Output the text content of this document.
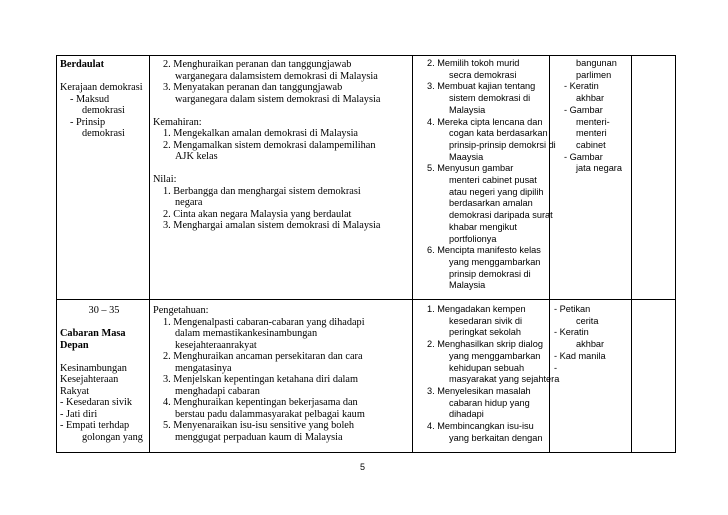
Berdaulat
Kerajaan demokrasi
- Maksud
demokrasi
- Prinsip
demokrasi
2. Menghuraikan peranan dan tanggungjawab
warganegara dalamsistem demokrasi di Malaysia
3. Menyatakan peranan dan tanggungjawab
warganegara dalam sistem demokrasi di Malaysia
Kemahiran:
1. Mengekalkan amalan demokrasi di Malaysia
2. Mengamalkan sistem demokrasi dalampemilihan
AJK kelas
Nilai:
1. Berbangga dan menghargai sistem demokrasi
negara
2. Cinta akan negara Malaysia yang berdaulat
3. Menghargai amalan sistem demokrasi di Malaysia
2. Memilih tokoh murid
secra demokrasi
3. Membuat kajian tentang
sistem demokrasi di
Malaysia
4. Mereka cipta lencana dan
cogan kata berdasarkan
prinsip-prinsip demokrsi di
Maaysia
5. Menyusun gambar
menteri cabinet pusat
atau negeri yang dipilih
berdasarkan amalan
demokrasi daripada surat
khabar mengikut
portfolionya
6. Mencipta manifesto kelas
yang menggambarkan
prinsip demokrasi di
Malaysia
bangunan
parlimen
- Keratin
akhbar
- Gambar
menteri-
menteri
cabinet
- Gambar
jata negara
30 – 35
Cabaran Masa
Depan
Kesinambungan
Kesejahteraan
Rakyat
- Kesedaran sivik
- Jati diri
- Empati terhdap
golongan yang
Pengetahuan:
1. Mengenalpasti cabaran-cabaran yang dihadapi
dalam memastikankesinambungan
kesejahteraanrakyat
2. Menghuraikan ancaman persekitaran dan cara
mengatasinya
3. Menjelskan kepentingan ketahana diri dalam
menghadapi cabaran
4. Menghuraikan kepentingan bekerjasama dan
berstau padu dalammasyarakat pelbagai kaum
5. Menyenaraikan isu-isu sensitive yang boleh
menggugat perpaduan kaum di Malaysia
1. Mengadakan kempen
kesedaran sivik di
peringkat sekolah
2. Menghasilkan skrip dialog
yang menggambarkan
kehidupan sebuah
masyarakat yang sejahtera
3. Menyelesikan masalah
cabaran hidup yang
dihadapi
4. Membincangkan isu-isu
yang berkaitan dengan
- Petikan
cerita
- Keratin
akhbar
- Kad manila
-
5
